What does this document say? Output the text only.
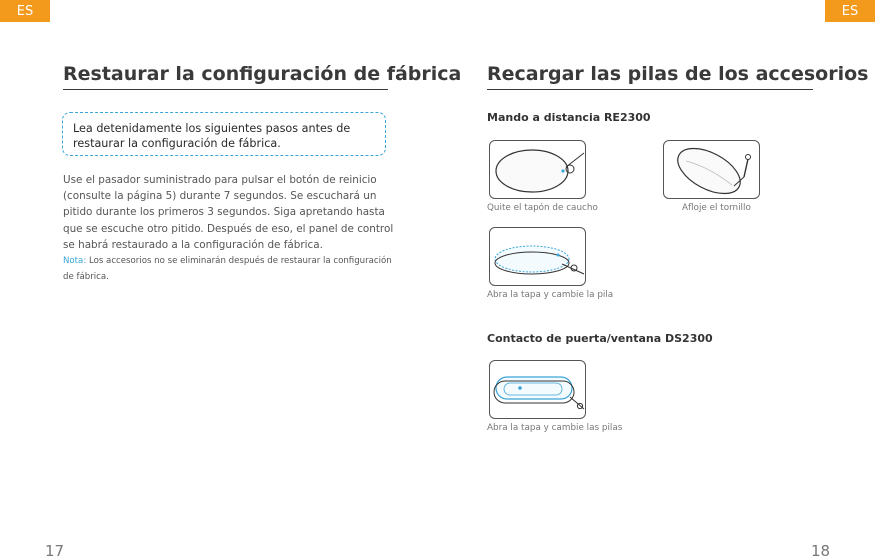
ES
Restaurar la configuración de fábrica
Lea detenidamente los siguientes pasos antes de restaurar la configuración de fábrica.
Use el pasador suministrado para pulsar el botón de reinicio (consulte la página 5) durante 7 segundos. Se escuchará un pitido durante los primeros 3 segundos. Siga apretando hasta que se escuche otro pitido. Después de eso, el panel de control se habrá restaurado a la configuración de fábrica.
Nota: Los accesorios no se eliminarán después de restaurar la configuración de fábrica.
17
ES
Recargar las pilas de los accesorios
Mando a distancia RE2300
Quite el tapón de caucho	Afloje el tornillo
Abra la tapa y cambie la pila
Contacto de puerta/ventana DS2300
Abra la tapa y cambie las pilas
18
